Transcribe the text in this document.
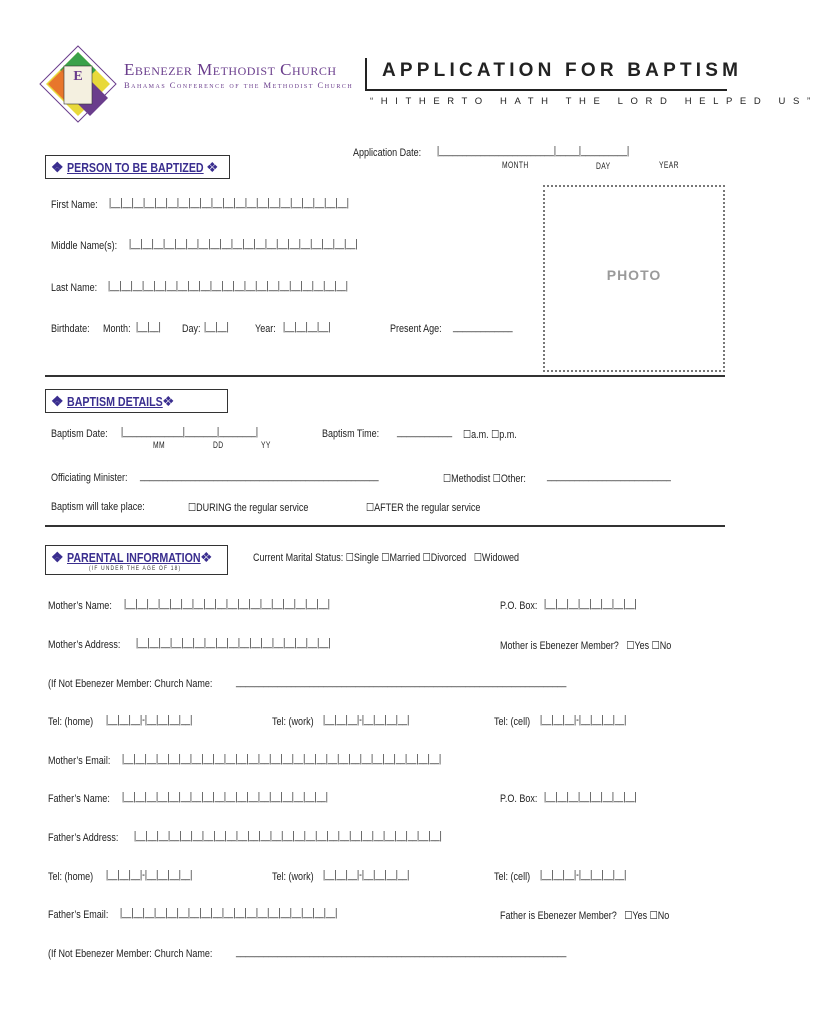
E Ebenezer Methodist Church
Bahamas Conference of the Methodist Church
APPLICATION FOR BAPTISM
“HITHERTO HATH THE LORD HELPED US”
Application Date:	|_________________________|_____|__________|
MONTH	DAY	YEAR
❖ PERSON TO BE BAPTIZED ❖
First Name:	|__|__|__|__|__|__|__|__|__|__|__|__|__|__|__|__|__|__|__|__|__|
Middle Name(s):	|__|__|__|__|__|__|__|__|__|__|__|__|__|__|__|__|__|__|__|__|
Last Name: |__|__|__|__|__|__|__|__|__|__|__|__|__|__|__|__|__|__|__|__|__|
Birthdate:	Month: |__|__|	Day: |__|__|	Year: |__|__|__|__|	Present Age:	_____________
PHOTO
❖ BAPTISM DETAILS ❖
Baptism Date:	|_____________|_______|________|
MM	DD	YY
Baptism Time:	____________ ☐a.m. ☐p.m.
Officiating Minister:	____________________________________________________	☐Methodist ☐Other:	___________________________
Baptism will take place:	☐DURING the regular service	☐AFTER the regular service
❖ PARENTAL INFORMATION ❖
(IF UNDER THE AGE OF 18)
Current Marital Status: ☐Single ☐Married ☐Divorced ☐Widowed
Mother’s Name:	|__|__|__|__|__|__|__|__|__|__|__|__|__|__|__|__|__|__|	P.O. Box: |__|__|__|__|__|__|__|__|
Mother’s Address:	|__|__|__|__|__|__|__|__|__|__|__|__|__|__|__|__|__|	Mother is Ebenezer Member? ☐Yes ☐No
(If Not Ebenezer Member: Church Name:	________________________________________________________________________
Tel: (home)	|__|__|__|-|__|__|__|__|	Tel: (work) |__|__|__|-|__|__|__|__|	Tel: (cell) |__|__|__|-|__|__|__|__|
Mother’s Email:	|__|__|__|__|__|__|__|__|__|__|__|__|__|__|__|__|__|__|__|__|__|__|__|__|__|__|__|__|
Father’s Name:	|__|__|__|__|__|__|__|__|__|__|__|__|__|__|__|__|__|__|	P.O. Box: |__|__|__|__|__|__|__|__|
Father’s Address:	|__|__|__|__|__|__|__|__|__|__|__|__|__|__|__|__|__|__|__|__|__|__|__|__|__|__|__|
Tel: (home)	|__|__|__|-|__|__|__|__|	Tel: (work) |__|__|__|-|__|__|__|__|	Tel: (cell) |__|__|__|-|__|__|__|__|
Father’s Email:	|__|__|__|__|__|__|__|__|__|__|__|__|__|__|__|__|__|__|__|	Father is Ebenezer Member? ☐Yes ☐No
(If Not Ebenezer Member: Church Name:	________________________________________________________________________
